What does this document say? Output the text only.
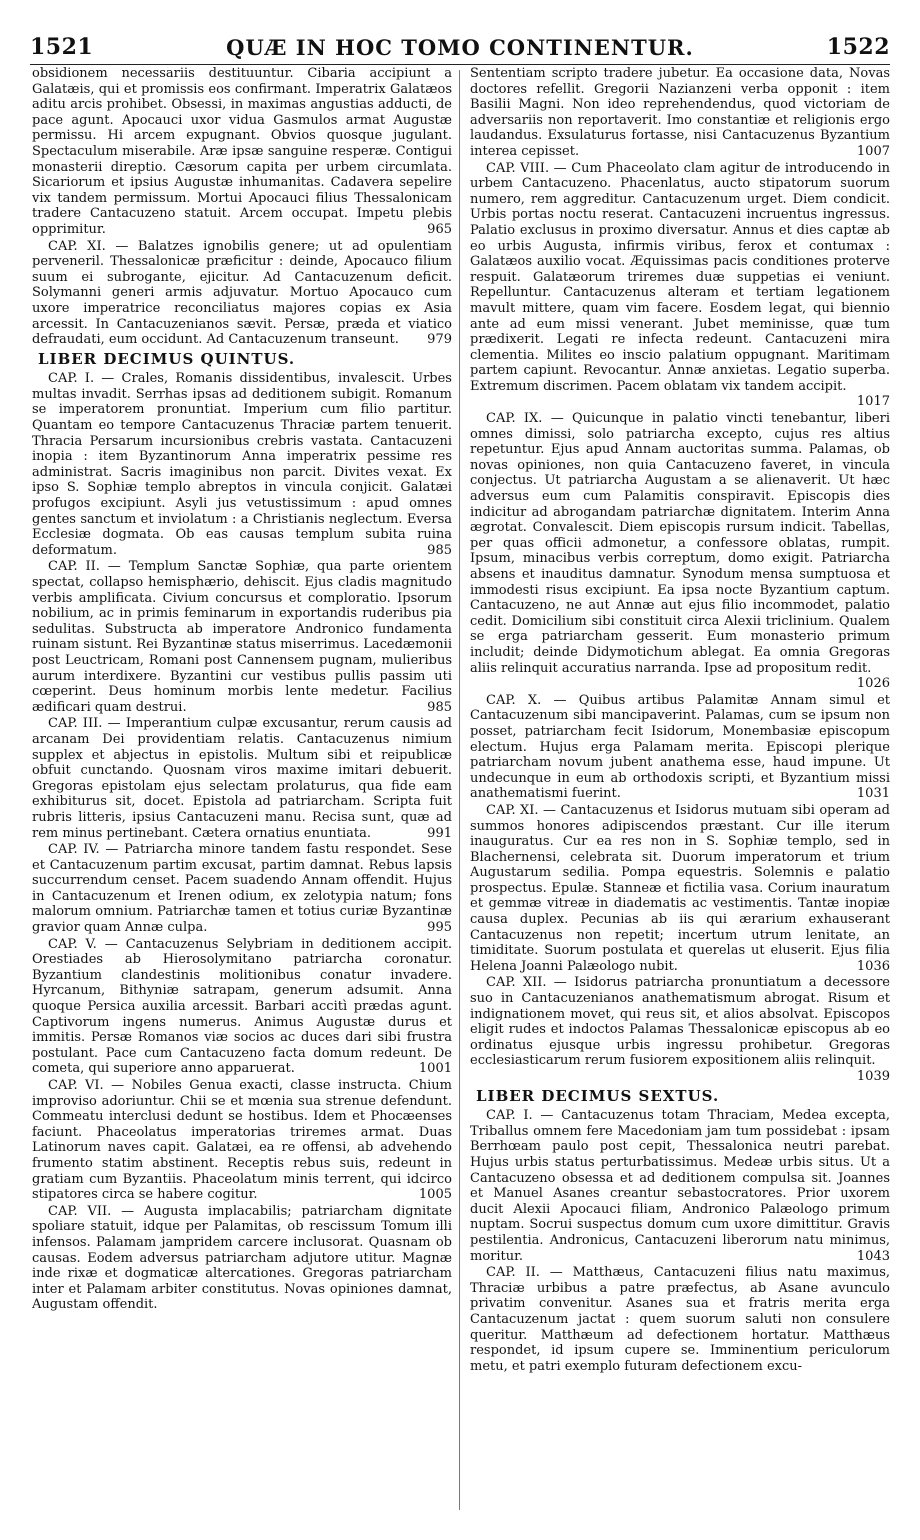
1521	QUÆ IN HOC TOMO CONTINENTUR.	1522

obsidionem necessariis destituuntur. Cibaria accipiunt a Galatæis, qui et promissis eos confirmant. Imperatrix Galatæos aditu arcis prohibet. Obsessi, in maximas angustias adducti, de pace agunt. Apocauci uxor vidua Gasmulos armat Augustæ permissu. Hi arcem expugnant. Obvios quosque jugulant. Spectaculum miserabile. Aræ ipsæ sanguine resperæ. Contigui monasterii direptio. Cæsorum capita per urbem circumlata. Sicariorum et ipsius Augustæ inhumanitas. Cadavera sepelire vix tandem permissum. Mortui Apocauci filius Thessalonicam tradere Cantacuzeno statuit. Arcem occupat. Impetu plebis opprimitur.	965

CAP. XI. — Balatzes ignobilis genere; ut ad opulentiam perveneril. Thessalonicæ præficitur : deinde, Apocauco filium suum ei subrogante, ejicitur. Ad Cantacuzenum deficit. Solymanni generi armis adjuvatur. Mortuo Apocauco cum uxore imperatrice reconciliatus majores copias ex Asia arcessit. In Cantacuzenianos sævit. Persæ, præda et viatico defraudati, eum occidunt. Ad Cantacuzenum transeunt.	979

LIBER DECIMUS QUINTUS.

CAP. I. — Crales, Romanis dissidentibus, invalescit. Urbes multas invadit. Serrhas ipsas ad deditionem subigit. Romanum se imperatorem pronuntiat. Imperium cum filio partitur. Quantam eo tempore Cantacuzenus Thraciæ partem tenuerit. Thracia Persarum incursionibus crebris vastata. Cantacuzeni inopia : item Byzantinorum Anna imperatrix pessime res administrat. Sacris imaginibus non parcit. Divites vexat. Ex ipso S. Sophiæ templo abreptos in vincula conjicit. Galatæi profugos excipiunt. Asyli jus vetustissimum : apud omnes gentes sanctum et inviolatum : a Christianis neglectum. Eversa Ecclesiæ dogmata. Ob eas causas templum subita ruina deformatum.	985

CAP. II. — Templum Sanctæ Sophiæ, qua parte orientem spectat, collapso hemisphærio, dehiscit. Ejus cladis magnitudo verbis amplificata. Civium concursus et comploratio. Ipsorum nobilium, ac in primis feminarum in exportandis ruderibus pia sedulitas. Substructa ab imperatore Andronico fundamenta ruinam sistunt. Rei Byzantinæ status miserrimus. Lacedæmonii post Leuctricam, Romani post Cannensem pugnam, mulieribus aurum interdixere. Byzantini cur vestibus pullis passim uti cœperint. Deus hominum morbis lente medetur. Facilius ædificari quam destrui.	985

CAP. III. — Imperantium culpæ excusantur, rerum causis ad arcanam Dei providentiam relatis. Cantacuzenus nimium supplex et abjectus in epistolis. Multum sibi et reipublicæ obfuit cunctando. Quosnam viros maxime imitari debuerit. Gregoras epistolam ejus selectam prolaturus, qua fide eam exhibiturus sit, docet. Epistola ad patriarcham. Scripta fuit rubris litteris, ipsius Cantacuzeni manu. Recisa sunt, quæ ad rem minus pertinebant. Cætera ornatius enuntiata.	991

CAP. IV. — Patriarcha minore tandem fastu respondet. Sese et Cantacuzenum partim excusat, partim damnat. Rebus lapsis succurrendum censet. Pacem suadendo Annam offendit. Hujus in Cantacuzenum et Irenen odium, ex zelotypia natum; fons malorum omnium. Patriarchæ tamen et totius curiæ Byzantinæ gravior quam Annæ culpa.	995

CAP. V. — Cantacuzenus Selybriam in deditionem accipit. Orestiades ab Hierosolymitano patriarcha coronatur. Byzantium clandestinis molitionibus conatur invadere. Hyrcanum, Bithyniæ satrapam, generum adsumit. Anna quoque Persica auxilia arcessit. Barbari accitì prædas agunt. Captivorum ingens numerus. Animus Augustæ durus et immitis. Persæ Romanos viæ socios ac duces dari sibi frustra postulant. Pace cum Cantacuzeno facta domum redeunt. De cometa, qui superiore anno apparuerat.	1001

CAP. VI. — Nobiles Genua exacti, classe instructa. Chium improviso adoriuntur. Chii se et mœnia sua strenue defendunt. Commeatu interclusi dedunt se hostibus. Idem et Phocæenses faciunt. Phaceolatus imperatorias triremes armat. Duas Latinorum naves capit. Galatæi, ea re offensi, ab advehendo frumento statim abstinent. Receptis rebus suis, redeunt in gratiam cum Byzantiis. Phaceolatum minis terrent, qui idcirco stipatores circa se habere cogitur.	1005

CAP. VII. — Augusta implacabilis; patriarcham dignitate spoliare statuit, idque per Palamitas, ob rescissum Tomum illi infensos. Palamam jampridem carcere inclusorat. Quasnam ob causas. Eodem adversus patriarcham adjutore utitur. Magnæ inde rixæ et dogmaticæ altercationes. Gregoras patriarcham inter et Palamam arbiter constitutus. Novas opiniones damnat, Augustam offendit.

Sententiam scripto tradere jubetur. Ea occasione data, Novas doctores refellit. Gregorii Nazianzeni verba opponit : item Basilii Magni. Non ideo reprehendendus, quod victoriam de adversariis non reportaverit. Imo constantiæ et religionis ergo laudandus. Exsulaturus fortasse, nisi Cantacuzenus Byzantium interea cepisset.	1007

CAP. VIII. — Cum Phaceolato clam agitur de introducendo in urbem Cantacuzeno. Phacenlatus, aucto stipatorum suorum numero, rem aggreditur. Cantacuzenum urget. Diem condicit. Urbis portas noctu reserat. Cantacuzeni incruentus ingressus. Palatio exclusus in proximo diversatur. Annus et dies captæ ab eo urbis Augusta, infirmis viribus, ferox et contumax : Galatæos auxilio vocat. Æquissimas pacis conditiones proterve respuit. Galatæorum triremes duæ suppetias ei veniunt. Repelluntur. Cantacuzenus alteram et tertiam legationem mavult mittere, quam vim facere. Eosdem legat, qui biennio ante ad eum missi venerant. Jubet meminisse, quæ tum prædixerit. Legati re infecta redeunt. Cantacuzeni mira clementia. Milites eo inscio palatium oppugnant. Maritimam partem capiunt. Revocantur. Annæ anxietas. Legatio superba. Extremum discrimen. Pacem oblatam vix tandem accipit.
1017

CAP. IX. — Quicunque in palatio vincti tenebantur, liberi omnes dimissi, solo patriarcha excepto, cujus res altius repetuntur. Ejus apud Annam auctoritas summa. Palamas, ob novas opiniones, non quia Cantacuzeno faveret, in vincula conjectus. Ut patriarcha Augustam a se alienaverit. Ut hæc adversus eum cum Palamitis conspiravit. Episcopis dies indicitur ad abrogandam patriarchæ dignitatem. Interim Anna ægrotat. Convalescit. Diem episcopis rursum indicit. Tabellas, per quas officii admonetur, a confessore oblatas, rumpit. Ipsum, minacibus verbis correptum, domo exigit. Patriarcha absens et inauditus damnatur. Synodum mensa sumptuosa et immodesti risus excipiunt. Ea ipsa nocte Byzantium captum. Cantacuzeno, ne aut Annæ aut ejus filio incommodet, palatio cedit. Domicilium sibi constituit circa Alexii triclinium. Qualem se erga patriarcham gesserit. Eum monasterio primum includit; deinde Didymotichum ablegat. Ea omnia Gregoras aliis relinquit accuratius narranda. Ipse ad propositum redit.
1026

CAP. X. — Quibus artibus Palamitæ Annam simul et Cantacuzenum sibi mancipaverint. Palamas, cum se ipsum non posset, patriarcham fecit Isidorum, Monembasiæ episcopum electum. Hujus erga Palamam merita. Episcopi plerique patriarcham novum jubent anathema esse, haud impune. Ut undecunque in eum ab orthodoxis scripti, et Byzantium missi anathematismi fuerint.	1031

CAP. XI. — Cantacuzenus et Isidorus mutuam sibi operam ad summos honores adipiscendos præstant. Cur ille iterum inauguratus. Cur ea res non in S. Sophiæ templo, sed in Blachernensi, celebrata sit. Duorum imperatorum et trium Augustarum sedilia. Pompa equestris. Solemnis e palatio prospectus. Epulæ. Stanneæ et fictilia vasa. Corium inauratum et gemmæ vitreæ in diadematis ac vestimentis. Tantæ inopiæ causa duplex. Pecunias ab iis qui ærarium exhauserant Cantacuzenus non repetit; incertum utrum lenitate, an timiditate. Suorum postulata et querelas ut eluserit. Ejus filia Helena Joanni Palæologo nubit.	1036

CAP. XII. — Isidorus patriarcha pronuntiatum a decessore suo in Cantacuzenianos anathematismum abrogat. Risum et indignationem movet, qui reus sit, et alios absolvat. Episcopos eligit rudes et indoctos Palamas Thessalonicæ episcopus ab eo ordinatus ejusque urbis ingressu prohibetur. Gregoras ecclesiasticarum rerum fusiorem expositionem aliis relinquit.
1039

LIBER DECIMUS SEXTUS.

CAP. I. — Cantacuzenus totam Thraciam, Medea excepta, Triballus omnem fere Macedoniam jam tum possidebat : ipsam Berrhœam paulo post cepit, Thessalonica neutri parebat. Hujus urbis status perturbatissimus. Medeæ urbis situs. Ut a Cantacuzeno obsessa et ad deditionem compulsa sit. Joannes et Manuel Asanes creantur sebastocratores. Prior uxorem ducit Alexii Apocauci filiam, Andronico Palæologo primum nuptam. Socrui suspectus domum cum uxore dimittitur. Gravis pestilentia. Andronicus, Cantacuzeni liberorum natu minimus, moritur.	1043

CAP. II. — Matthæus, Cantacuzeni filius natu maximus, Thraciæ urbibus a patre præfectus, ab Asane avunculo privatim convenitur. Asanes sua et fratris merita erga Cantacuzenum jactat : quem suorum saluti non consulere queritur. Matthæum ad defectionem hortatur. Matthæus respondet, id ipsum cupere se. Imminentium periculorum metu, et patri exemplo futuram defectionem excu-
